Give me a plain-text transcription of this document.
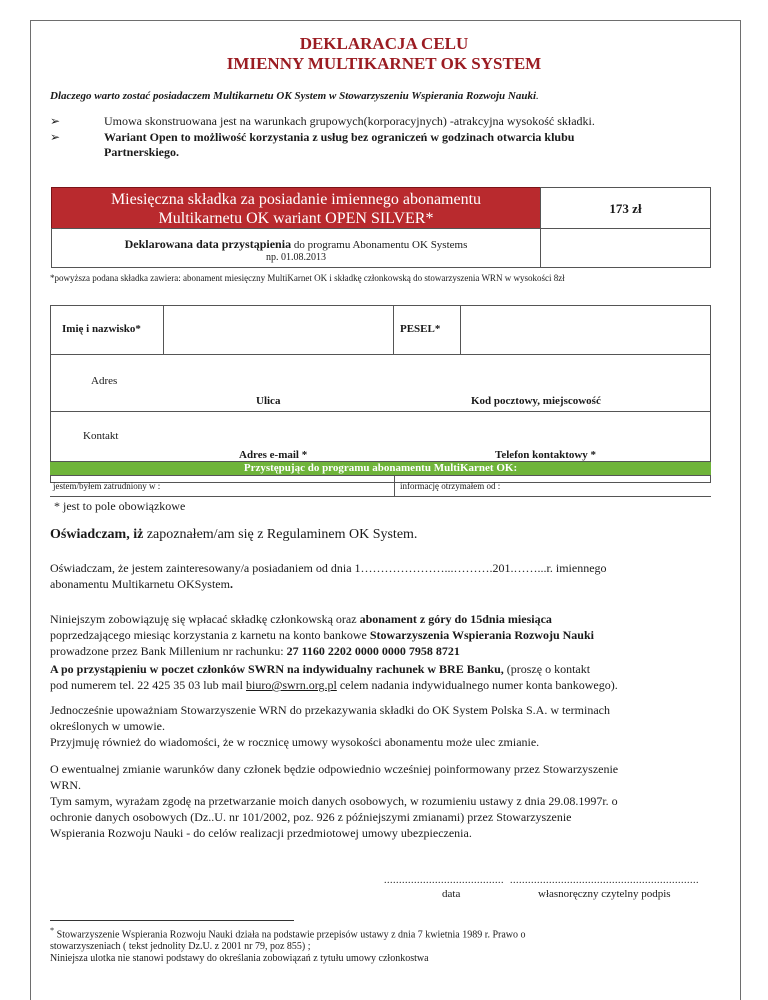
DEKLARACJA CELU
IMIENNY MULTIKARNET OK SYSTEM
Dlaczego warto zostać posiadaczem Multikarnetu OK System w Stowarzyszeniu Wspierania Rozwoju Nauki.
➢	Umowa skonstruowana jest na warunkach grupowych(korporacyjnych) -atrakcyjna wysokość składki.
➢	Wariant Open to możliwość korzystania z usług bez ograniczeń w godzinach otwarcia klubu
Partnerskiego.
Miesięczna składka za posiadanie imiennego abonamentu
Multikarnetu OK wariant OPEN SILVER*
173 zł
Deklarowana data przystąpienia do programu Abonamentu OK Systems
np. 01.08.2013
*powyższa podana składka zawiera: abonament miesięczny MultiKarnet OK i składkę członkowską do stowarzyszenia WRN w wysokości 8zł
Imię i nazwisko*	PESEL*
Adres
Ulica	Kod pocztowy, miejscowość
Kontakt
Adres e-mail *	Telefon kontaktowy *
Przystępując do programu abonamentu MultiKarnet OK:
jestem/byłem zatrudniony w :	informację otrzymałem od :
* jest to pole obowiązkowe
Oświadczam, iż zapoznałem/am się z Regulaminem OK System.

Oświadczam, że jestem zainteresowany/a posiadaniem od dnia 1…………………...……….201.……...r. imiennego
abonamentu Multikarnetu OKSystem.

Niniejszym zobowiązuję się wpłacać składkę członkowską oraz abonament z góry do 15dnia miesiąca
poprzedzającego miesiąc korzystania z karnetu na konto bankowe Stowarzyszenia Wspierania Rozwoju Nauki
prowadzone przez Bank Millenium nr rachunku: 27 1160 2202 0000 0000 7958 8721

A po przystąpieniu w poczet członków SWRN na indywidualny rachunek w BRE Banku, (proszę o kontakt
pod numerem tel. 22 425 35 03 lub mail biuro@swrn.org.pl celem nadania indywidualnego numer konta bankowego).

Jednocześnie upoważniam Stowarzyszenie WRN do przekazywania składki do OK System Polska S.A. w terminach
określonych w umowie.
Przyjmuję również do wiadomości, że w rocznicę umowy wysokości abonamentu może ulec zmianie.

O ewentualnej zmianie warunków dany członek będzie odpowiednio wcześniej poinformowany przez Stowarzyszenie
WRN.
Tym samym, wyrażam zgodę na przetwarzanie moich danych osobowych, w rozumieniu ustawy z dnia 29.08.1997r. o
ochronie danych osobowych (Dz..U. nr 101/2002, poz. 926 z późniejszymi zmianami) przez Stowarzyszenie
Wspierania Rozwoju Nauki - do celów realizacji przedmiotowej umowy ubezpieczenia.

........................................
data
...............................................................
własnoręczny czytelny podpis
* Stowarzyszenie Wspierania Rozwoju Nauki działa na podstawie przepisów ustawy z dnia 7 kwietnia 1989 r. Prawo o
stowarzyszeniach ( tekst jednolity Dz.U. z 2001 nr 79, poz 855) ;
Niniejsza ulotka nie stanowi podstawy do określania zobowiązań z tytułu umowy członkostwa
